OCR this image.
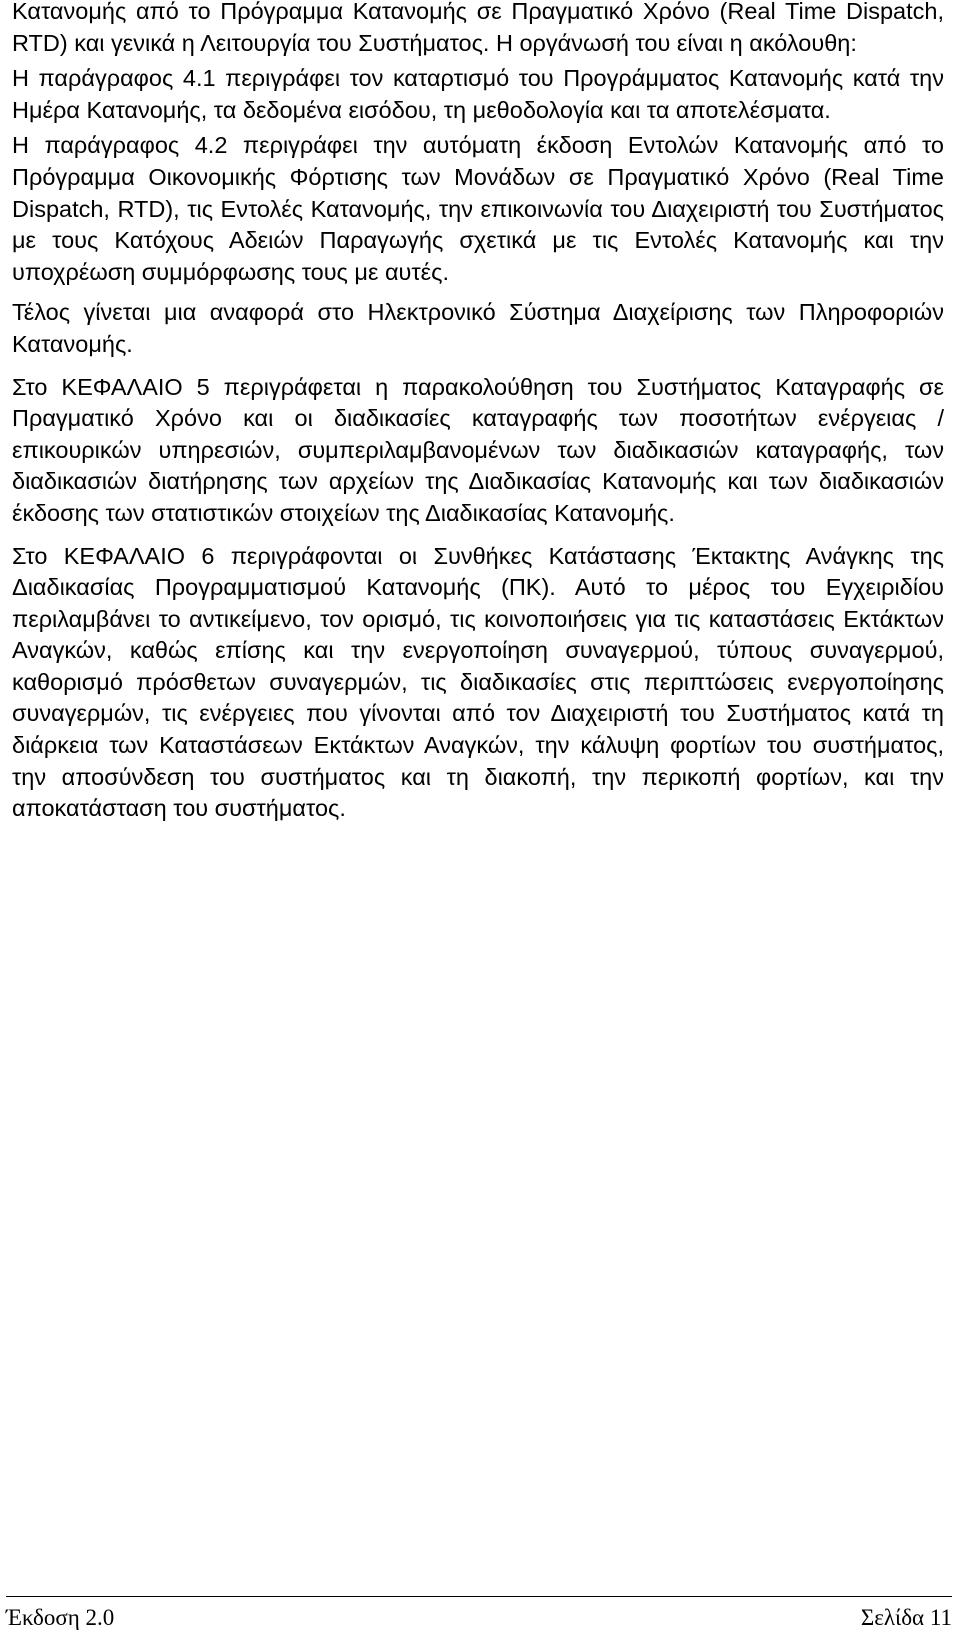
Κατανομής από το Πρόγραμμα Κατανομής σε Πραγματικό Χρόνο (Real Time Dispatch, RTD) και γενικά η Λειτουργία του Συστήματος. Η οργάνωσή του είναι η ακόλουθη:

Η παράγραφος 4.1 περιγράφει τον καταρτισμό του Προγράμματος Κατανομής κατά την Ημέρα Κατανομής, τα δεδομένα εισόδου, τη μεθοδολογία και τα αποτελέσματα.

Η παράγραφος 4.2 περιγράφει την αυτόματη έκδοση Εντολών Κατανομής από το Πρόγραμμα Οικονομικής Φόρτισης των Μονάδων σε Πραγματικό Χρόνο (Real Time Dispatch, RTD), τις Εντολές Κατανομής, την επικοινωνία του Διαχειριστή του Συστήματος με τους Κατόχους Αδειών Παραγωγής σχετικά με τις Εντολές Κατανομής και την υποχρέωση συμμόρφωσης τους με αυτές.

Τέλος γίνεται μια αναφορά στο Ηλεκτρονικό Σύστημα Διαχείρισης των Πληροφοριών Κατανομής.

Στο ΚΕΦΑΛΑΙΟ 5 περιγράφεται η παρακολούθηση του Συστήματος Καταγραφής σε Πραγματικό Χρόνο και οι διαδικασίες καταγραφής των ποσοτήτων ενέργειας / επικουρικών υπηρεσιών, συμπεριλαμβανομένων των διαδικασιών καταγραφής, των διαδικασιών διατήρησης των αρχείων της Διαδικασίας Κατανομής και των διαδικασιών έκδοσης των στατιστικών στοιχείων της Διαδικασίας Κατανομής.

Στο ΚΕΦΑΛΑΙΟ 6 περιγράφονται οι Συνθήκες Κατάστασης Έκτακτης Ανάγκης της Διαδικασίας Προγραμματισμού Κατανομής (ΠΚ). Αυτό το μέρος του Εγχειριδίου περιλαμβάνει το αντικείμενο, τον ορισμό, τις κοινοποιήσεις για τις καταστάσεις Εκτάκτων Αναγκών, καθώς επίσης και την ενεργοποίηση συναγερμού, τύπους συναγερμού, καθορισμό πρόσθετων συναγερμών, τις διαδικασίες στις περιπτώσεις ενεργοποίησης συναγερμών, τις ενέργειες που γίνονται από τον Διαχειριστή του Συστήματος κατά τη διάρκεια των Καταστάσεων Εκτάκτων Αναγκών, την κάλυψη φορτίων του συστήματος, την αποσύνδεση του συστήματος και τη διακοπή, την περικοπή φορτίων, και την αποκατάσταση του συστήματος.

Έκδοση 2.0	Σελίδα 11
